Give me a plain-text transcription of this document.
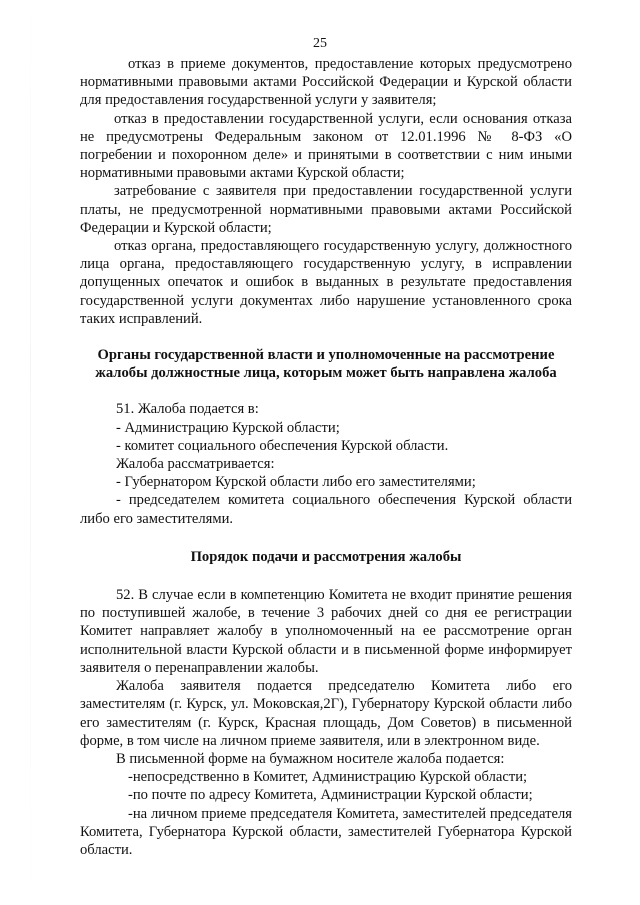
25

отказ в приеме документов, предоставление которых предусмотрено нормативными правовыми актами Российской Федерации и Курской области для предоставления государственной услуги у заявителя;

отказ в предоставлении государственной услуги, если основания отказа не предусмотрены Федеральным законом от 12.01.1996 № 8-ФЗ «О погребении и похоронном деле» и принятыми в соответствии с ним иными нормативными правовыми актами Курской области;

затребование с заявителя при предоставлении государственной услуги платы, не предусмотренной нормативными правовыми актами Российской Федерации и Курской области;

отказ органа, предоставляющего государственную услугу, должностного лица органа, предоставляющего государственную услугу, в исправлении допущенных опечаток и ошибок в выданных в результате предоставления государственной услуги документах либо нарушение установленного срока таких исправлений.

Органы государственной власти и уполномоченные на рассмотрение жалобы должностные лица, которым может быть направлена жалоба

51. Жалоба подается в:

- Администрацию Курской области;

- комитет социального обеспечения Курской области.

Жалоба рассматривается:

- Губернатором Курской области либо его заместителями;

- председателем комитета социального обеспечения Курской области либо его заместителями.

Порядок подачи и рассмотрения жалобы

52. В случае если в компетенцию Комитета не входит принятие решения по поступившей жалобе, в течение 3 рабочих дней со дня ее регистрации Комитет направляет жалобу в уполномоченный на ее рассмотрение орган исполнительной власти Курской области и в письменной форме информирует заявителя о перенаправлении жалобы.

Жалоба заявителя подается председателю Комитета либо его заместителям (г. Курск, ул. Моковская,2Г), Губернатору Курской области либо его заместителям (г. Курск, Красная площадь, Дом Советов) в письменной форме, в том числе на личном приеме заявителя, или в электронном виде.

В письменной форме на бумажном носителе жалоба подается:

-непосредственно в Комитет, Администрацию Курской области;

-по почте по адресу Комитета, Администрации Курской области;

-на личном приеме председателя Комитета, заместителей председателя Комитета, Губернатора Курской области, заместителей Губернатора Курской области.
